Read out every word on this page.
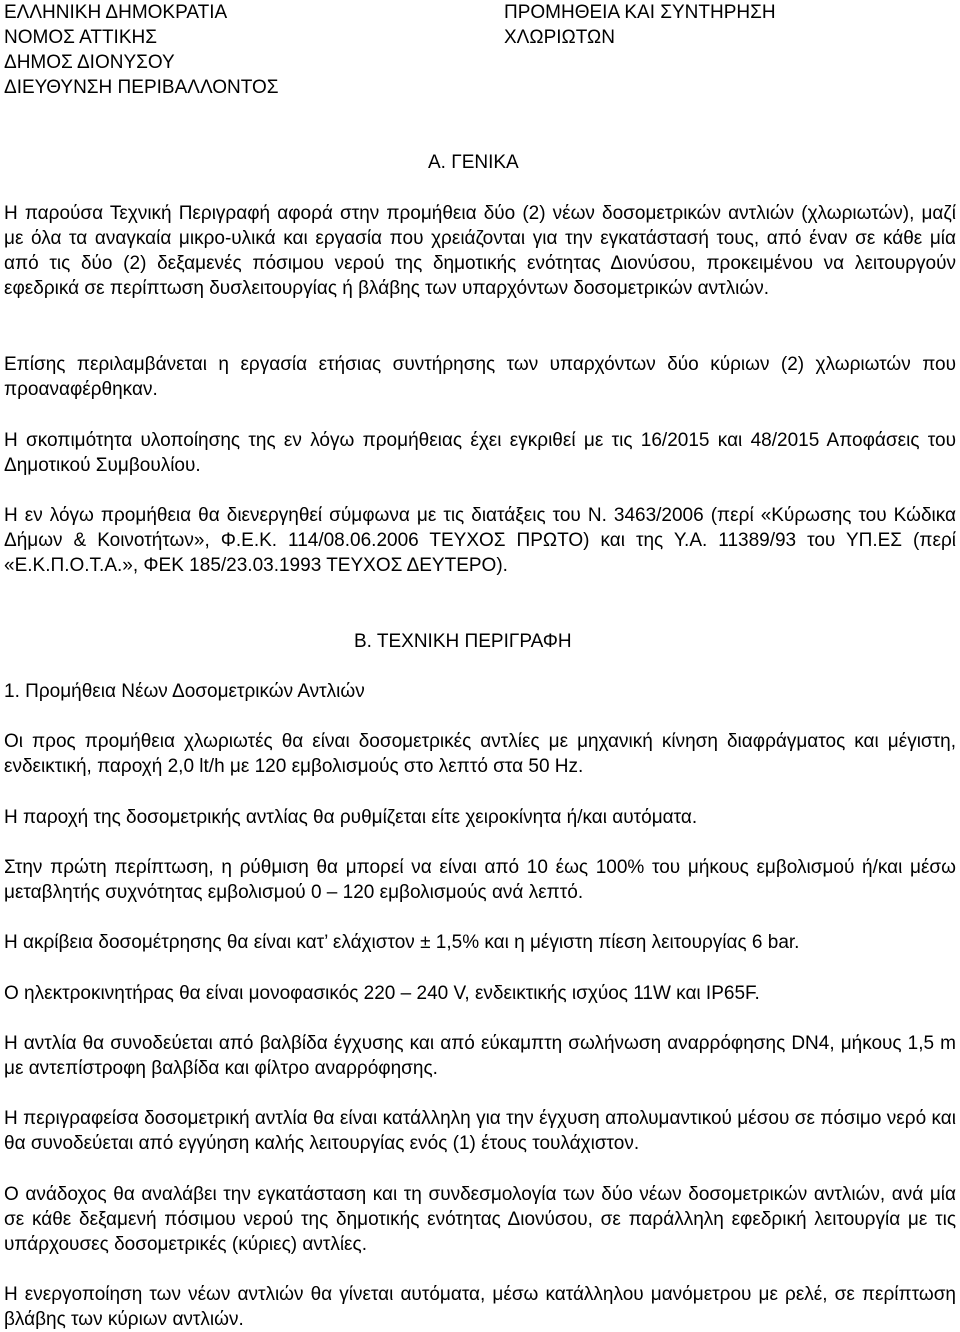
ΕΛΛΗΝΙΚΗ ΔΗΜΟΚΡΑΤΙΑ
ΝΟΜΟΣ ΑΤΤΙΚΗΣ
ΔΗΜΟΣ ΔΙΟΝΥΣΟΥ
ΔΙΕΥΘΥΝΣΗ ΠΕΡΙΒΑΛΛΟΝΤΟΣ
ΠΡΟΜΗΘΕΙΑ ΚΑΙ ΣΥΝΤΗΡΗΣΗ
ΧΛΩΡΙΩΤΩΝ
Α. ΓΕΝΙΚΑ
Η παρούσα Τεχνική Περιγραφή αφορά στην προμήθεια δύο (2) νέων δοσομετρικών αντλιών (χλωριωτών), μαζί με όλα τα αναγκαία μικρο-υλικά και εργασία που χρειάζονται για την εγκατάστασή τους, από έναν σε κάθε μία από τις δύο (2) δεξαμενές πόσιμου νερού της δημοτικής ενότητας Διονύσου, προκειμένου να λειτουργούν εφεδρικά σε περίπτωση δυσλειτουργίας ή βλάβης των υπαρχόντων δοσομετρικών αντλιών.
Επίσης περιλαμβάνεται η εργασία ετήσιας συντήρησης των υπαρχόντων δύο κύριων (2) χλωριωτών που προαναφέρθηκαν.
Η σκοπιμότητα υλοποίησης της εν λόγω προμήθειας έχει εγκριθεί με τις 16/2015 και 48/2015 Αποφάσεις του Δημοτικού Συμβουλίου.
Η εν λόγω προμήθεια θα διενεργηθεί σύμφωνα με τις διατάξεις του Ν. 3463/2006 (περί «Κύρωσης του Κώδικα Δήμων & Κοινοτήτων», Φ.Ε.Κ. 114/08.06.2006 ΤΕΥΧΟΣ ΠΡΩΤΟ) και της Υ.Α. 11389/93 του ΥΠ.ΕΣ (περί «Ε.Κ.Π.Ο.Τ.Α.», ΦΕΚ 185/23.03.1993 ΤΕΥΧΟΣ ΔΕΥΤΕΡΟ).
Β. ΤΕΧΝΙΚΗ ΠΕΡΙΓΡΑΦΗ
1. Προμήθεια Νέων Δοσομετρικών Αντλιών
Οι προς προμήθεια χλωριωτές θα είναι δοσομετρικές αντλίες με μηχανική κίνηση διαφράγματος και μέγιστη, ενδεικτική, παροχή 2,0 lt/h με 120 εμβολισμούς στο λεπτό στα 50 Hz.
Η παροχή της δοσομετρικής αντλίας θα ρυθμίζεται είτε χειροκίνητα ή/και αυτόματα.
Στην πρώτη περίπτωση, η ρύθμιση θα μπορεί να είναι από 10 έως 100% του μήκους εμβολισμού ή/και μέσω μεταβλητής συχνότητας εμβολισμού 0 – 120 εμβολισμούς ανά λεπτό.
Η ακρίβεια δοσομέτρησης θα είναι κατ’ ελάχιστον ± 1,5% και η μέγιστη πίεση λειτουργίας 6 bar.
Ο ηλεκτροκινητήρας θα είναι μονοφασικός 220 – 240 V, ενδεικτικής ισχύος 11W και IP65F.
Η αντλία θα συνοδεύεται από βαλβίδα έγχυσης και από εύκαμπτη σωλήνωση αναρρόφησης DN4, μήκους 1,5 m με αντεπίστροφη βαλβίδα και φίλτρο αναρρόφησης.
Η περιγραφείσα δοσομετρική αντλία θα είναι κατάλληλη για την έγχυση απολυμαντικού μέσου σε πόσιμο νερό και θα συνοδεύεται από εγγύηση καλής λειτουργίας ενός (1) έτους τουλάχιστον.
Ο ανάδοχος θα αναλάβει την εγκατάσταση και τη συνδεσμολογία των δύο νέων δοσομετρικών αντλιών, ανά μία σε κάθε δεξαμενή πόσιμου νερού της δημοτικής ενότητας Διονύσου, σε παράλληλη εφεδρική λειτουργία με τις υπάρχουσες δοσομετρικές (κύριες) αντλίες.
Η ενεργοποίηση των νέων αντλιών θα γίνεται αυτόματα, μέσω κατάλληλου μανόμετρου με ρελέ, σε περίπτωση βλάβης των κύριων αντλιών.
